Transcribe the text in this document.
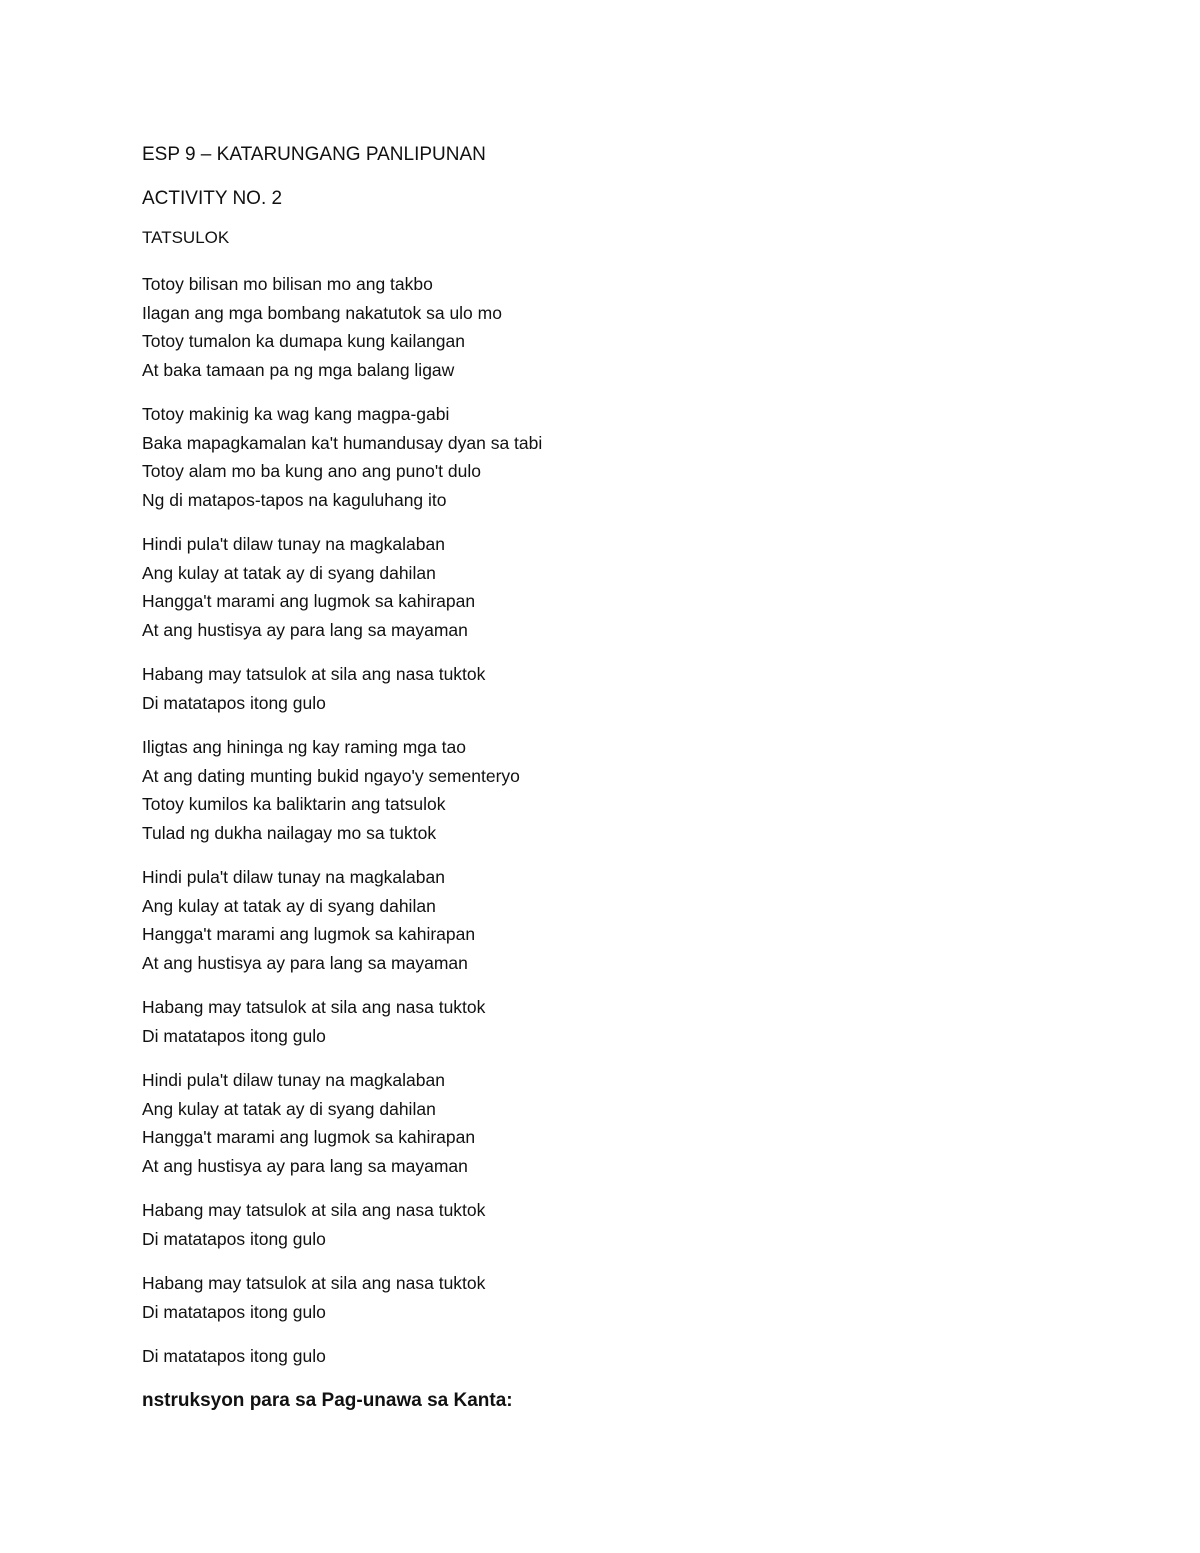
ESP 9 – KATARUNGANG PANLIPUNAN
ACTIVITY NO. 2
TATSULOK
Totoy bilisan mo bilisan mo ang takbo
Ilagan ang mga bombang nakatutok sa ulo mo
Totoy tumalon ka dumapa kung kailangan
At baka tamaan pa ng mga balang ligaw
Totoy makinig ka wag kang magpa-gabi
Baka mapagkamalan ka't humandusay dyan sa tabi
Totoy alam mo ba kung ano ang puno't dulo
Ng di matapos-tapos na kaguluhang ito
Hindi pula't dilaw tunay na magkalaban
Ang kulay at tatak ay di syang dahilan
Hangga't marami ang lugmok sa kahirapan
At ang hustisya ay para lang sa mayaman
Habang may tatsulok at sila ang nasa tuktok
Di matatapos itong gulo
Iligtas ang hininga ng kay raming mga tao
At ang dating munting bukid ngayo'y sementeryo
Totoy kumilos ka baliktarin ang tatsulok
Tulad ng dukha nailagay mo sa tuktok
Hindi pula't dilaw tunay na magkalaban
Ang kulay at tatak ay di syang dahilan
Hangga't marami ang lugmok sa kahirapan
At ang hustisya ay para lang sa mayaman
Habang may tatsulok at sila ang nasa tuktok
Di matatapos itong gulo
Hindi pula't dilaw tunay na magkalaban
Ang kulay at tatak ay di syang dahilan
Hangga't marami ang lugmok sa kahirapan
At ang hustisya ay para lang sa mayaman
Habang may tatsulok at sila ang nasa tuktok
Di matatapos itong gulo
Habang may tatsulok at sila ang nasa tuktok
Di matatapos itong gulo
Di matatapos itong gulo
nstruksyon para sa Pag-unawa sa Kanta:
